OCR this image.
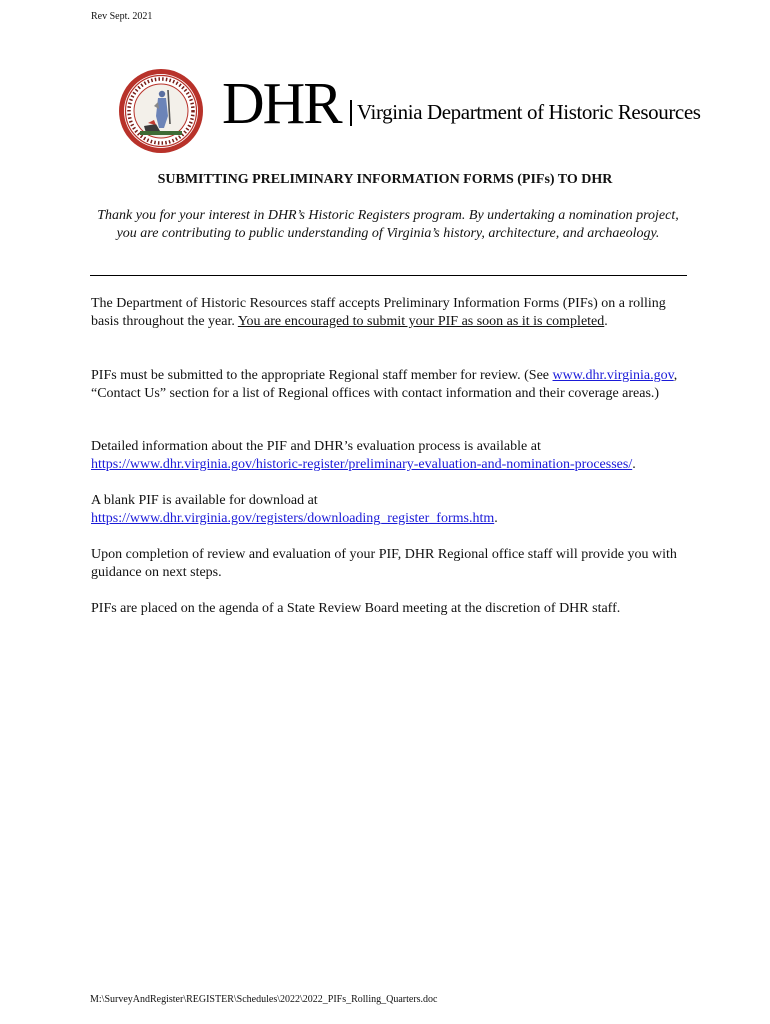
Rev Sept. 2021
DHR Virginia Department of Historic Resources
SUBMITTING PRELIMINARY INFORMATION FORMS (PIFs) TO DHR
Thank you for your interest in DHR’s Historic Registers program. By undertaking a nomination project, you are contributing to public understanding of Virginia’s history, architecture, and archaeology.

The Department of Historic Resources staff accepts Preliminary Information Forms (PIFs) on a rolling basis throughout the year. You are encouraged to submit your PIF as soon as it is completed.

PIFs must be submitted to the appropriate Regional staff member for review. (See www.dhr.virginia.gov, “Contact Us” section for a list of Regional offices with contact information and their coverage areas.)

Detailed information about the PIF and DHR’s evaluation process is available at https://www.dhr.virginia.gov/historic-register/preliminary-evaluation-and-nomination-processes/.

A blank PIF is available for download at https://www.dhr.virginia.gov/registers/downloading_register_forms.htm.

Upon completion of review and evaluation of your PIF, DHR Regional office staff will provide you with guidance on next steps.

PIFs are placed on the agenda of a State Review Board meeting at the discretion of DHR staff.

M:\SurveyAndRegister\REGISTER\Schedules\2022\2022_PIFs_Rolling_Quarters.doc
